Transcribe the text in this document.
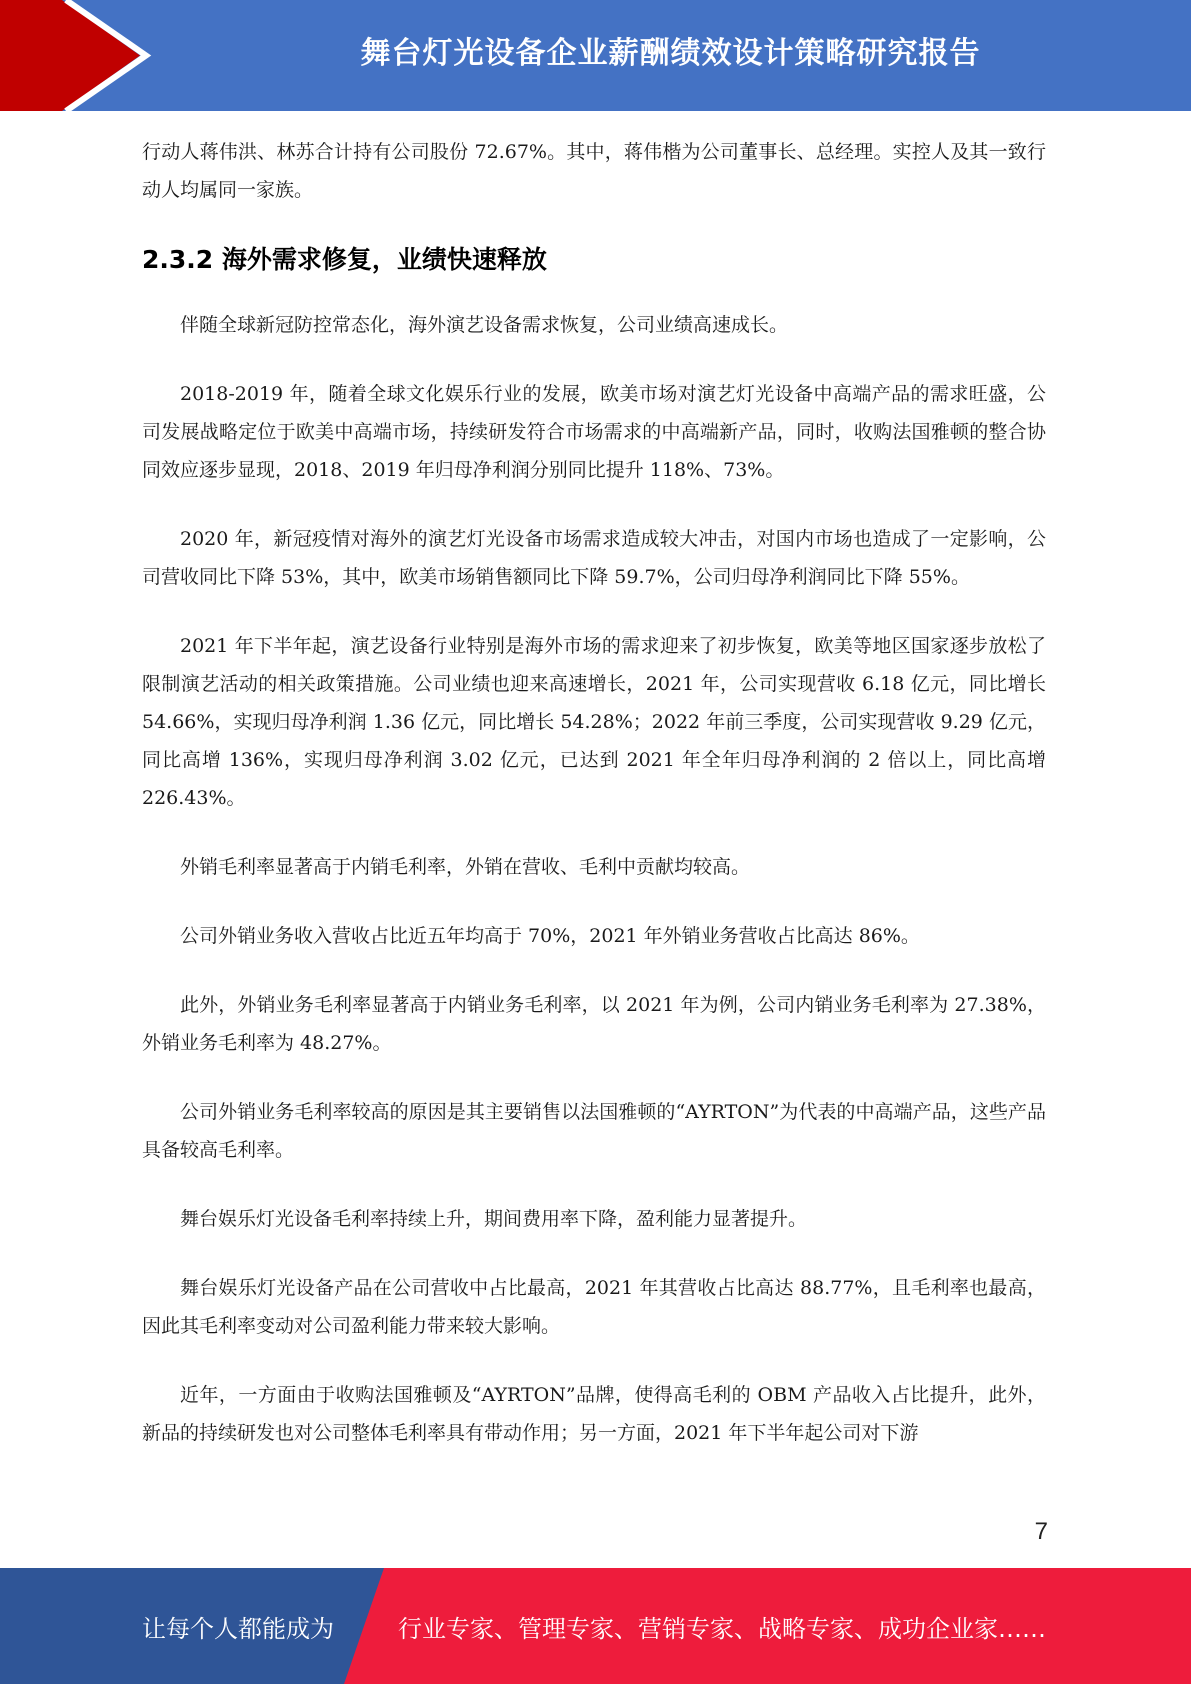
舞台灯光设备企业薪酬绩效设计策略研究报告

行动人蒋伟洪、林苏合计持有公司股份 72.67%。其中，蒋伟楷为公司董事长、总经理。实控人及其一致行动人均属同一家族。

2.3.2 海外需求修复，业绩快速释放

伴随全球新冠防控常态化，海外演艺设备需求恢复，公司业绩高速成长。

2018-2019 年，随着全球文化娱乐行业的发展，欧美市场对演艺灯光设备中高端产品的需求旺盛，公司发展战略定位于欧美中高端市场，持续研发符合市场需求的中高端新产品，同时，收购法国雅顿的整合协同效应逐步显现，2018、2019 年归母净利润分别同比提升 118%、73%。

2020 年，新冠疫情对海外的演艺灯光设备市场需求造成较大冲击，对国内市场也造成了一定影响，公司营收同比下降 53%，其中，欧美市场销售额同比下降 59.7%，公司归母净利润同比下降 55%。

2021 年下半年起，演艺设备行业特别是海外市场的需求迎来了初步恢复，欧美等地区国家逐步放松了限制演艺活动的相关政策措施。公司业绩也迎来高速增长，2021 年，公司实现营收 6.18 亿元，同比增长 54.66%，实现归母净利润 1.36 亿元，同比增长 54.28%；2022 年前三季度，公司实现营收 9.29 亿元，同比高增 136%，实现归母净利润 3.02 亿元，已达到 2021 年全年归母净利润的 2 倍以上，同比高增 226.43%。

外销毛利率显著高于内销毛利率，外销在营收、毛利中贡献均较高。

公司外销业务收入营收占比近五年均高于 70%，2021 年外销业务营收占比高达 86%。

此外，外销业务毛利率显著高于内销业务毛利率，以 2021 年为例，公司内销业务毛利率为 27.38%，外销业务毛利率为 48.27%。

公司外销业务毛利率较高的原因是其主要销售以法国雅顿的“AYRTON”为代表的中高端产品，这些产品具备较高毛利率。

舞台娱乐灯光设备毛利率持续上升，期间费用率下降，盈利能力显著提升。

舞台娱乐灯光设备产品在公司营收中占比最高，2021 年其营收占比高达 88.77%，且毛利率也最高，因此其毛利率变动对公司盈利能力带来较大影响。

近年，一方面由于收购法国雅顿及“AYRTON”品牌，使得高毛利的 OBM 产品收入占比提升，此外，新品的持续研发也对公司整体毛利率具有带动作用；另一方面，2021 年下半年起公司对下游

7
让每个人都能成为	行业专家、管理专家、营销专家、战略专家、成功企业家……
